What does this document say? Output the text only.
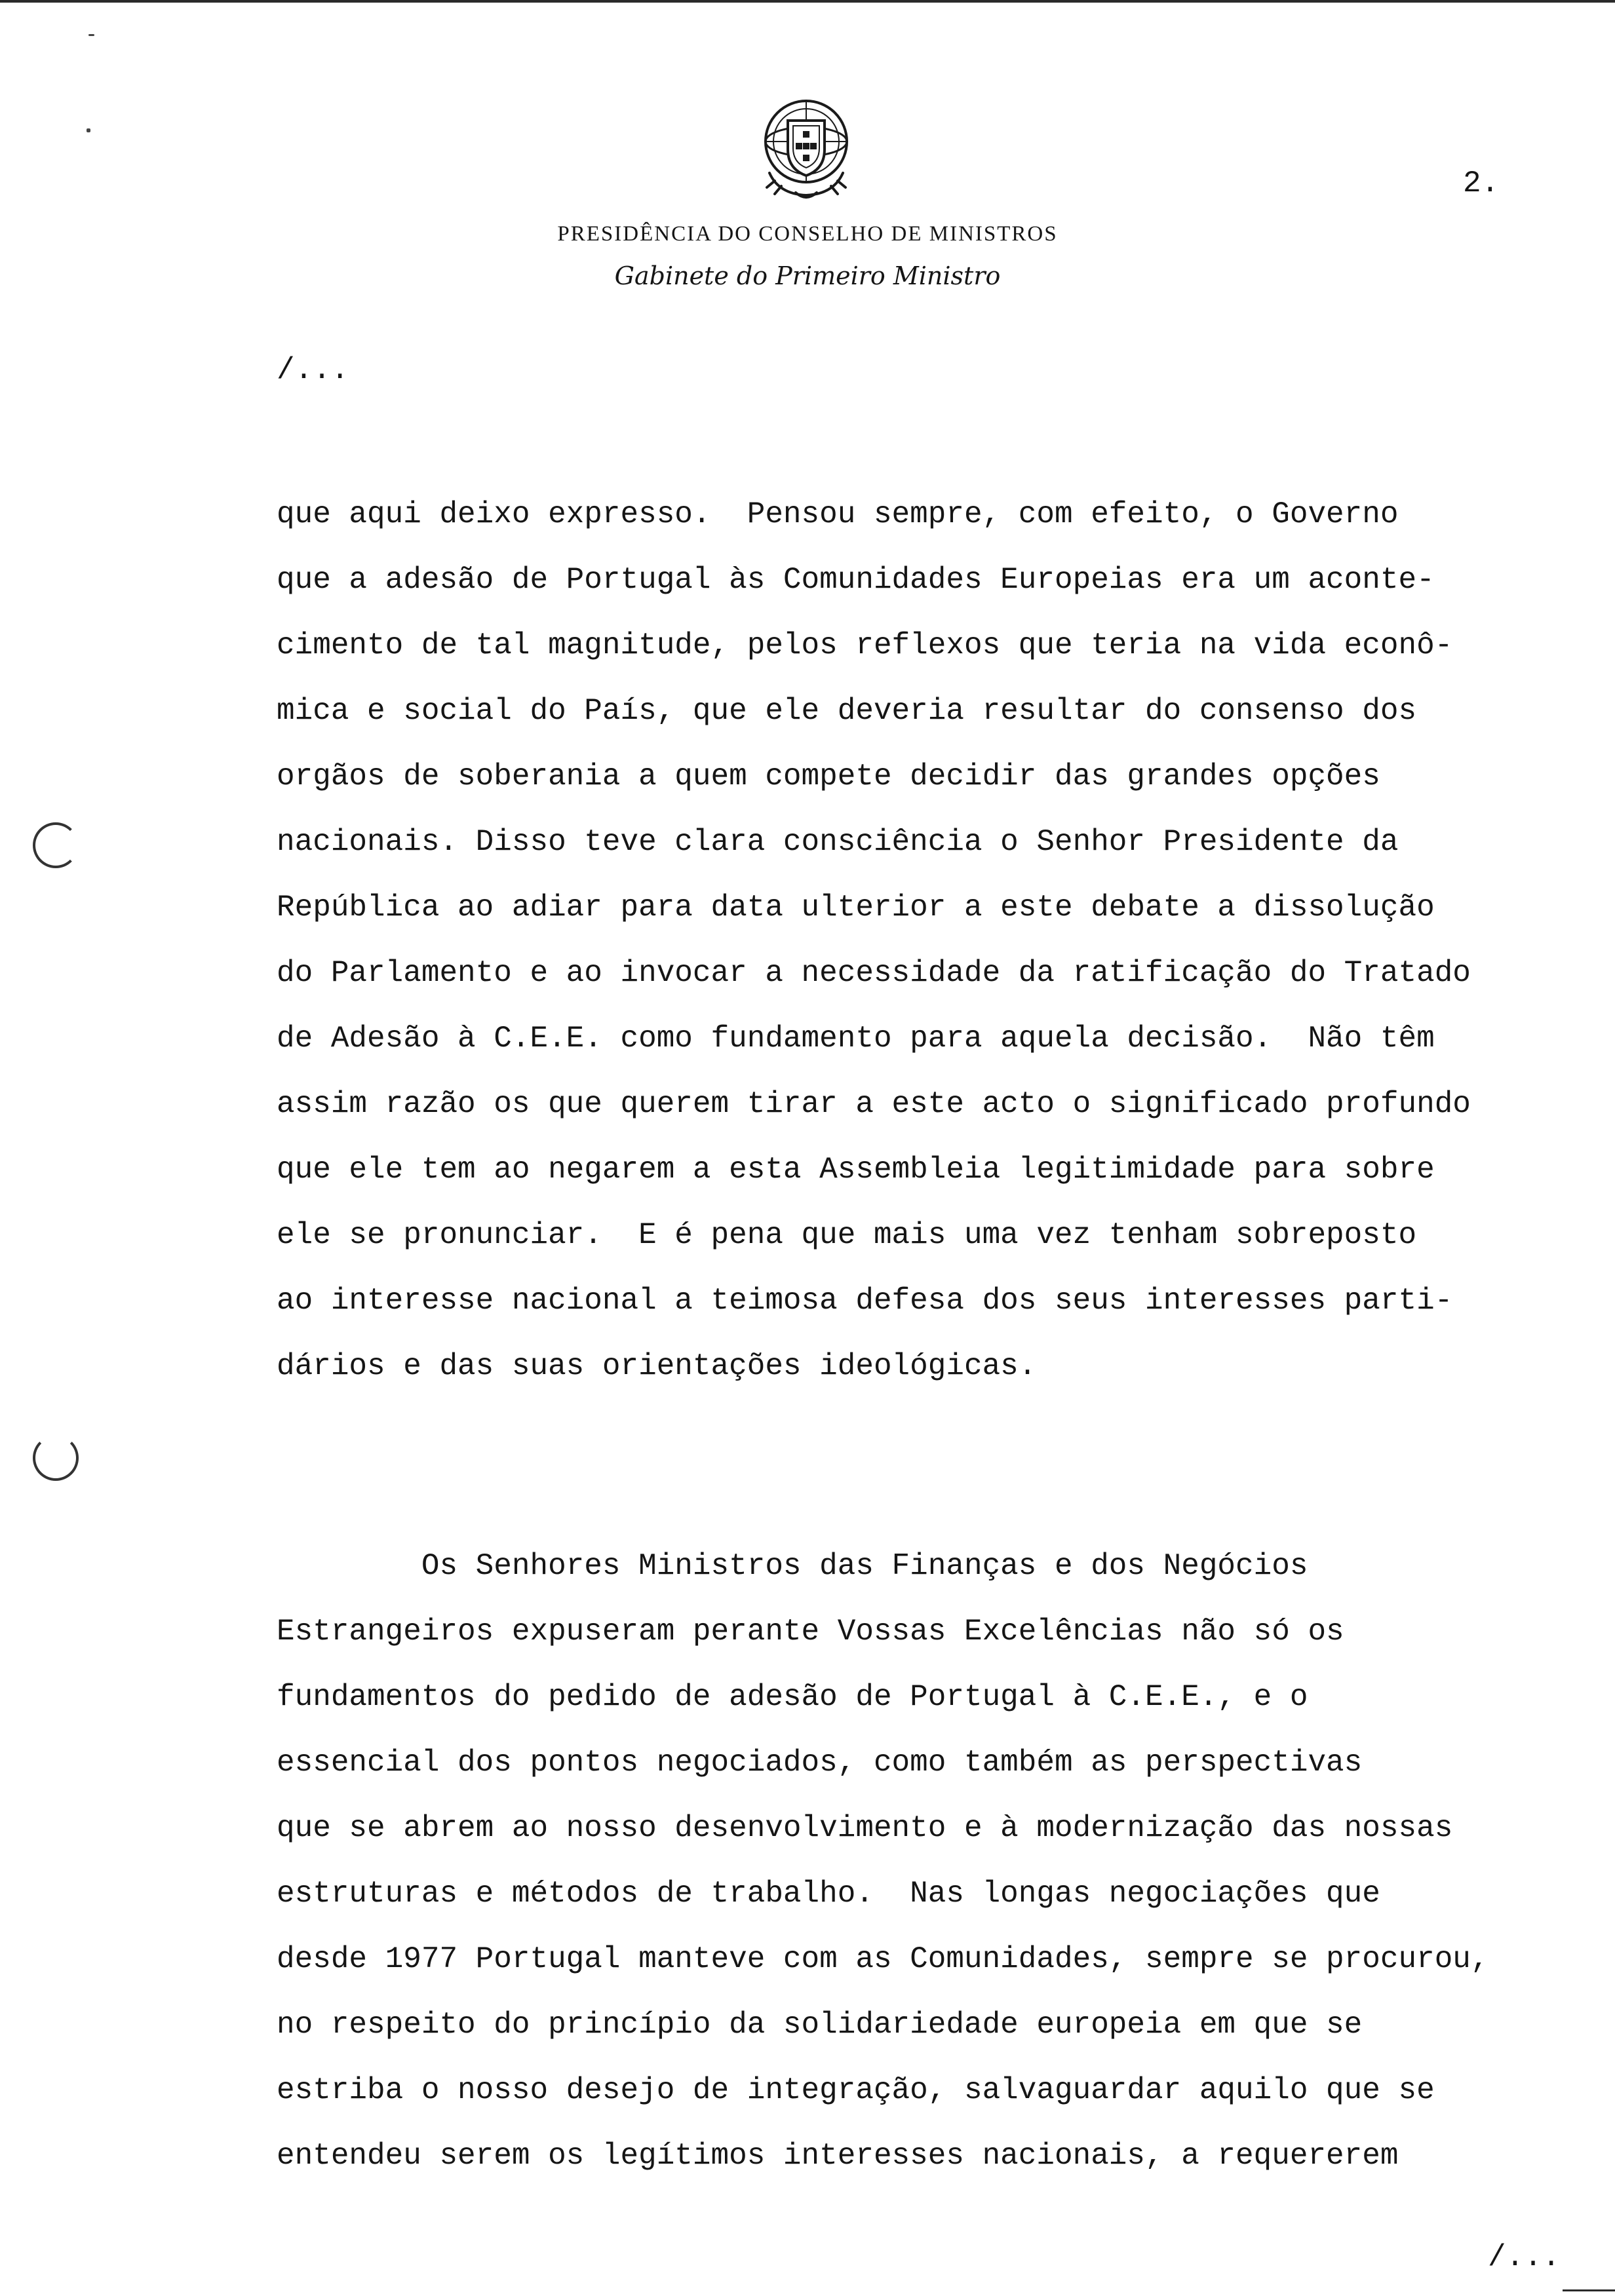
2.
PRESIDÊNCIA DO CONSELHO DE MINISTROS
Gabinete do Primeiro Ministro
/...
que aqui deixo expresso.  Pensou sempre, com efeito, o Governo
que a adesão de Portugal às Comunidades Europeias era um aconte-
cimento de tal magnitude, pelos reflexos que teria na vida econô-
mica e social do País, que ele deveria resultar do consenso dos
orgãos de soberania a quem compete decidir das grandes opções
nacionais. Disso teve clara consciência o Senhor Presidente da
República ao adiar para data ulterior a este debate a dissolução
do Parlamento e ao invocar a necessidade da ratificação do Tratado
de Adesão à C.E.E. como fundamento para aquela decisão.  Não têm
assim razão os que querem tirar a este acto o significado profundo
que ele tem ao negarem a esta Assembleia legitimidade para sobre
ele se pronunciar.  E é pena que mais uma vez tenham sobreposto
ao interesse nacional a teimosa defesa dos seus interesses parti-
dários e das suas orientações ideológicas.
Os Senhores Ministros das Finanças e dos Negócios
Estrangeiros expuseram perante Vossas Excelências não só os
fundamentos do pedido de adesão de Portugal à C.E.E., e o
essencial dos pontos negociados, como também as perspectivas
que se abrem ao nosso desenvolvimento e à modernização das nossas
estruturas e métodos de trabalho.  Nas longas negociações que
desde 1977 Portugal manteve com as Comunidades, sempre se procurou,
no respeito do princípio da solidariedade europeia em que se
estriba o nosso desejo de integração, salvaguardar aquilo que se
entendeu serem os legítimos interesses nacionais, a requererem
/...
